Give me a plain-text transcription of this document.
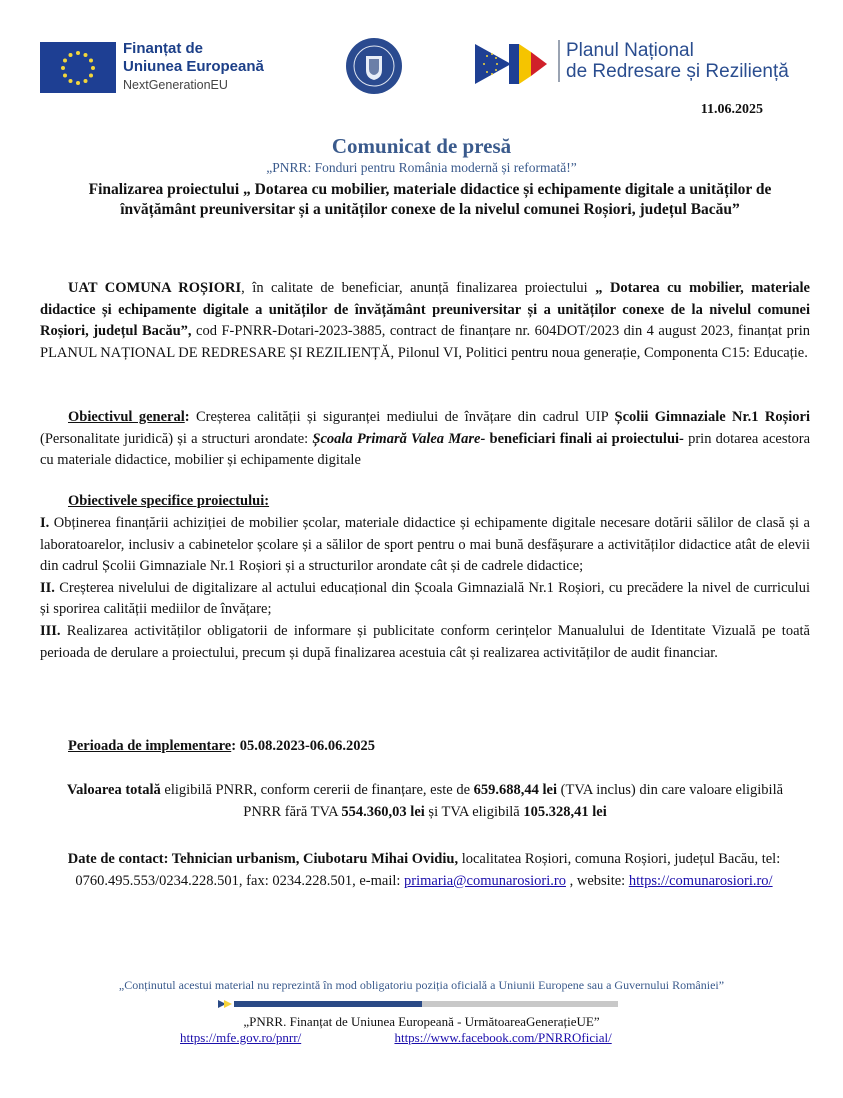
Finanțat de
Uniunea Europeană
NextGenerationEU
Planul Național
de Redresare și Reziliență
11.06.2025
Comunicat de presă
„PNRR: Fonduri pentru România modernă și reformată!”
Finalizarea proiectului „ Dotarea cu mobilier, materiale didactice și echipamente digitale a unităților de învățământ preuniversitar și a unităților conexe de la nivelul comunei Roșiori, județul Bacău”
UAT COMUNA ROȘIORI, în calitate de beneficiar, anunță finalizarea proiectului „ Dotarea cu mobilier, materiale didactice și echipamente digitale a unităților de învățământ preuniversitar și a unităților conexe de la nivelul comunei Roșiori, județul Bacău”, cod F-PNRR-Dotari-2023-3885, contract de finanțare nr. 604DOT/2023 din 4 august 2023, finanțat prin PLANUL NAȚIONAL DE REDRESARE ȘI REZILIENȚĂ, Pilonul VI, Politici pentru noua generație, Componenta C15: Educație.
Obiectivul general: Creșterea calității și siguranței mediului de învățare din cadrul UIP Școlii Gimnaziale Nr.1 Roșiori (Personalitate juridică) și a structuri arondate: Școala Primară Valea Mare- beneficiari finali ai proiectului- prin dotarea acestora cu materiale didactice, mobilier și echipamente digitale
Obiectivele specifice proiectului:
I. Obținerea finanțării achiziției de mobilier școlar, materiale didactice și echipamente digitale necesare dotării sălilor de clasă și a laboratoarelor, inclusiv a cabinetelor școlare și a sălilor de sport pentru o mai bună desfășurare a activităților didactice atât de elevii din cadrul Școlii Gimnaziale Nr.1 Roșiori și a structurilor arondate cât și de cadrele didactice;
II. Creșterea nivelului de digitalizare al actului educațional din Școala Gimnazială Nr.1 Roșiori, cu precădere la nivel de curricului și sporirea calității mediilor de învățare;
III. Realizarea activităților obligatorii de informare și publicitate conform cerințelor Manualului de Identitate Vizuală pe toată perioada de derulare a proiectului, precum și după finalizarea acestuia cât și realizarea activităților de audit financiar.
Perioada de implementare: 05.08.2023-06.06.2025
Valoarea totală eligibilă PNRR, conform cererii de finanțare, este de 659.688,44 lei (TVA inclus) din care valoare eligibilă PNRR fără TVA 554.360,03 lei și TVA eligibilă 105.328,41 lei
Date de contact: Tehnician urbanism, Ciubotaru Mihai Ovidiu, localitatea Roșiori, comuna Roșiori, județul Bacău, tel: 0760.495.553/0234.228.501, fax: 0234.228.501, e-mail: primaria@comunarosiori.ro , website: https://comunarosiori.ro/
„Conținutul acestui material nu reprezintă în mod obligatoriu poziția oficială a Uniunii Europene sau a Guvernului României”
„PNRR. Finanțat de Uniunea Europeană - UrmătoareaGenerațieUE”
https://mfe.gov.ro/pnrr/	https://www.facebook.com/PNRROficial/
